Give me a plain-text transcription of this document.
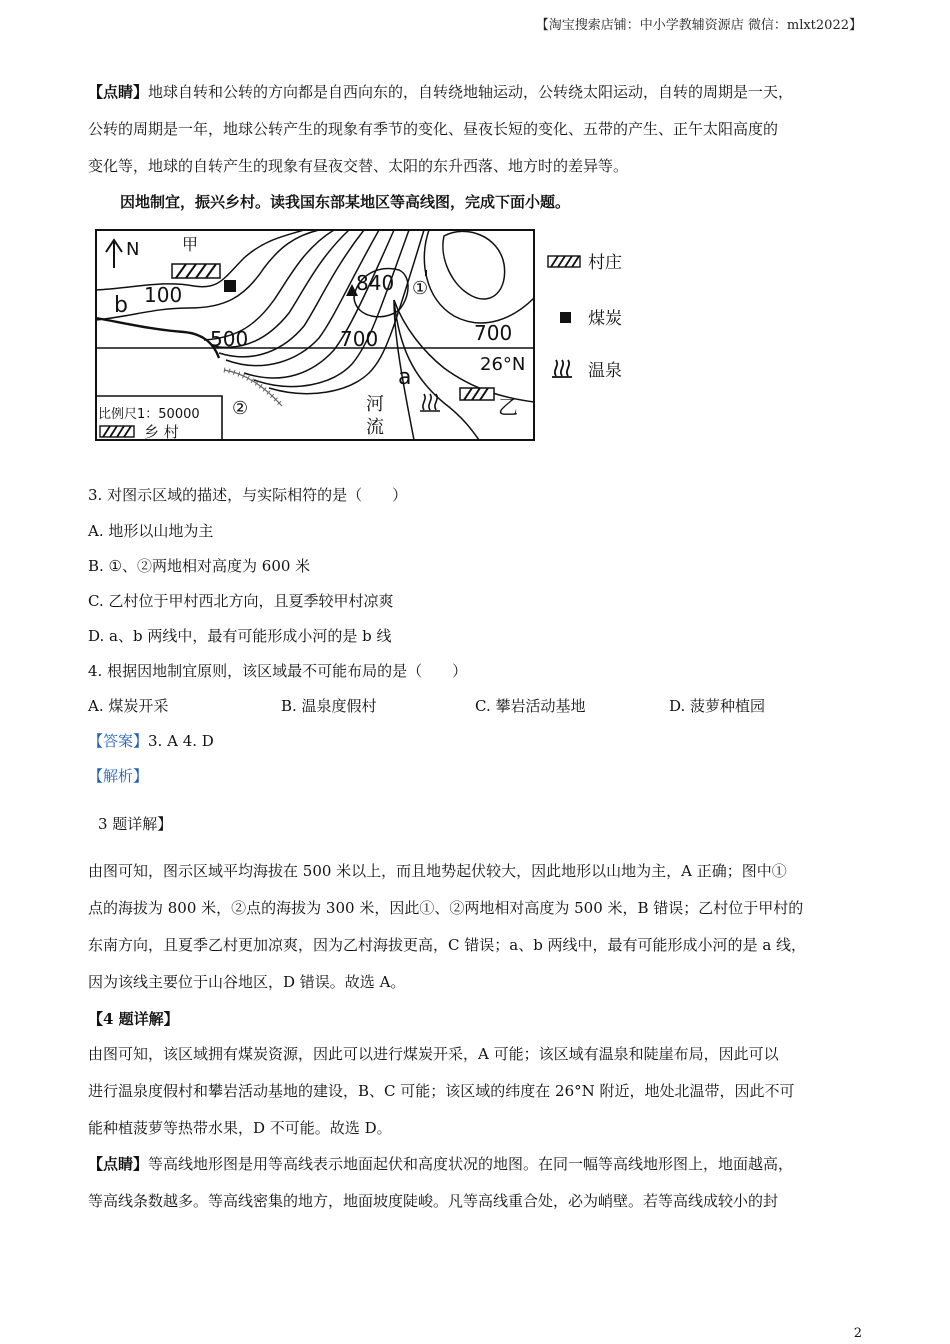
【淘宝搜索店铺：中小学教辅资源店 微信：mlxt2022】
【点睛】地球自转和公转的方向都是自西向东的，自转绕地轴运动，公转绕太阳运动，自转的周期是一天，
公转的周期是一年，地球公转产生的现象有季节的变化、昼夜长短的变化、五带的产生、正午太阳高度的
变化等，地球的自转产生的现象有昼夜交替、太阳的东升西落、地方时的差异等。
因地制宜，振兴乡村。读我国东部某地区等高线图，完成下面小题。
N	甲
100
b
500	700	700
840 ①
26°N
a
河
流
乙
②
比例尺1：50000
乡 村
村庄
煤炭
温泉
3. 对图示区域的描述，与实际相符的是（　　）
A. 地形以山地为主
B. ①、②两地相对高度为 600 米
C. 乙村位于甲村西北方向，且夏季较甲村凉爽
D. a、b 两线中，最有可能形成小河的是 b 线
4. 根据因地制宜原则，该区域最不可能布局的是（　　）
A. 煤炭开采	B. 温泉度假村	C. 攀岩活动基地	D. 菠萝种植园
【答案】3. A 4. D
【解析】
3 题详解】
由图可知，图示区域平均海拔在 500 米以上，而且地势起伏较大，因此地形以山地为主，A 正确；图中①
点的海拔为 800 米，②点的海拔为 300 米，因此①、②两地相对高度为 500 米，B 错误；乙村位于甲村的
东南方向，且夏季乙村更加凉爽，因为乙村海拔更高，C 错误；a、b 两线中，最有可能形成小河的是 a 线，
因为该线主要位于山谷地区，D 错误。故选 A。
【4 题详解】
由图可知，该区域拥有煤炭资源，因此可以进行煤炭开采，A 可能；该区域有温泉和陡崖布局，因此可以
进行温泉度假村和攀岩活动基地的建设，B、C 可能；该区域的纬度在 26°N 附近，地处北温带，因此不可
能种植菠萝等热带水果，D 不可能。故选 D。
【点睛】等高线地形图是用等高线表示地面起伏和高度状况的地图。在同一幅等高线地形图上，地面越高，
等高线条数越多。等高线密集的地方，地面坡度陡峻。凡等高线重合处，必为峭壁。若等高线成较小的封
2
